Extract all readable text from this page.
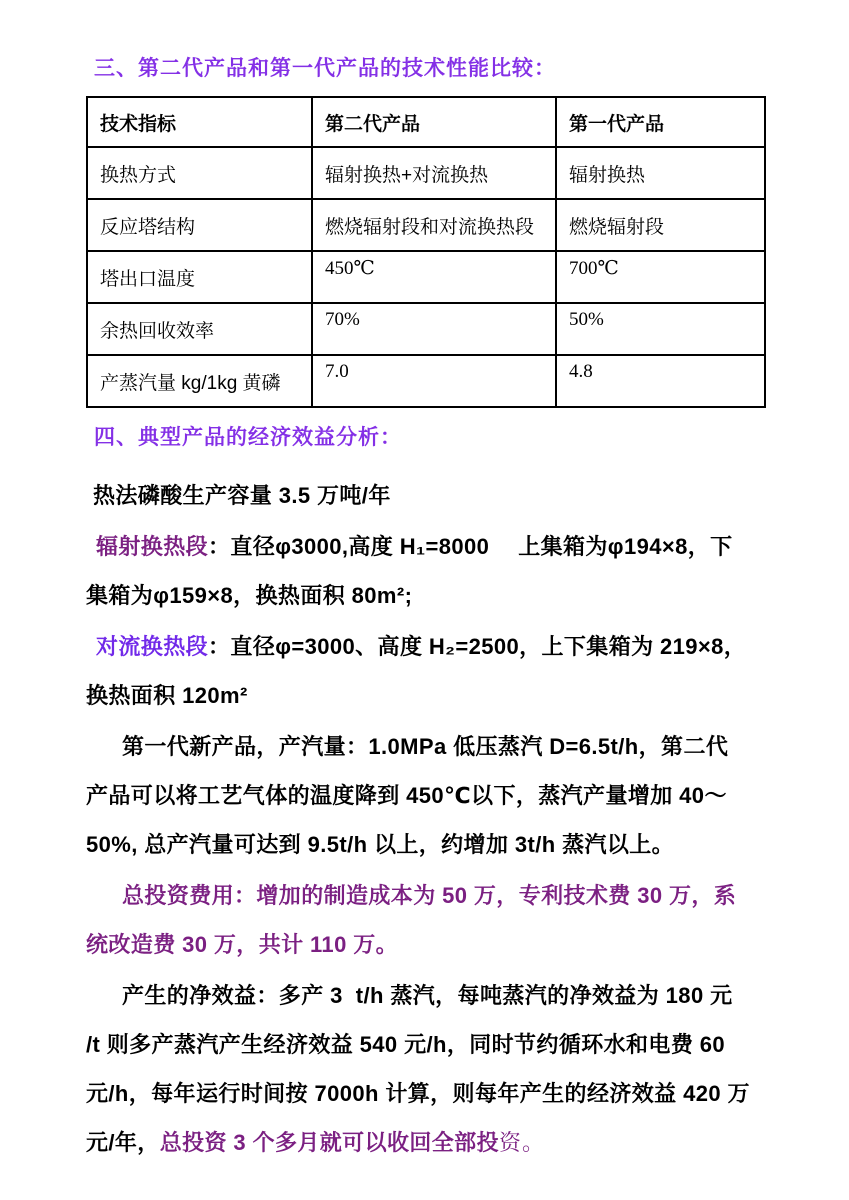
三、第二代产品和第一代产品的技术性能比较：
技术指标	第二代产品	第一代产品
换热方式	辐射换热+对流换热	辐射换热
反应塔结构	燃烧辐射段和对流换热段	燃烧辐射段
塔出口温度	450℃	700℃
余热回收效率	70%	50%
产蒸汽量 kg/1kg 黄磷	7.0	4.8
四、典型产品的经济效益分析：
热法磷酸生产容量 3.5 万吨/年
辐射换热段：直径φ3000,高度 H₁=8000　 上集箱为φ194×8，下
集箱为φ159×8，换热面积 80m²;
对流换热段：直径φ=3000、高度 H₂=2500，上下集箱为 219×8，
换热面积 120m²
第一代新产品，产汽量：1.0MPa 低压蒸汽 D=6.5t/h，第二代
产品可以将工艺气体的温度降到 450℃以下，蒸汽产量增加 40～
50%, 总产汽量可达到 9.5t/h 以上，约增加 3t/h 蒸汽以上。
总投资费用：增加的制造成本为 50 万，专利技术费 30 万，系
统改造费 30 万，共计 110 万。
产生的净效益：多产 3  t/h 蒸汽，每吨蒸汽的净效益为 180 元
/t 则多产蒸汽产生经济效益 540 元/h，同时节约循环水和电费 60
元/h，每年运行时间按 7000h 计算，则每年产生的经济效益 420 万
元/年，总投资 3 个多月就可以收回全部投资。
